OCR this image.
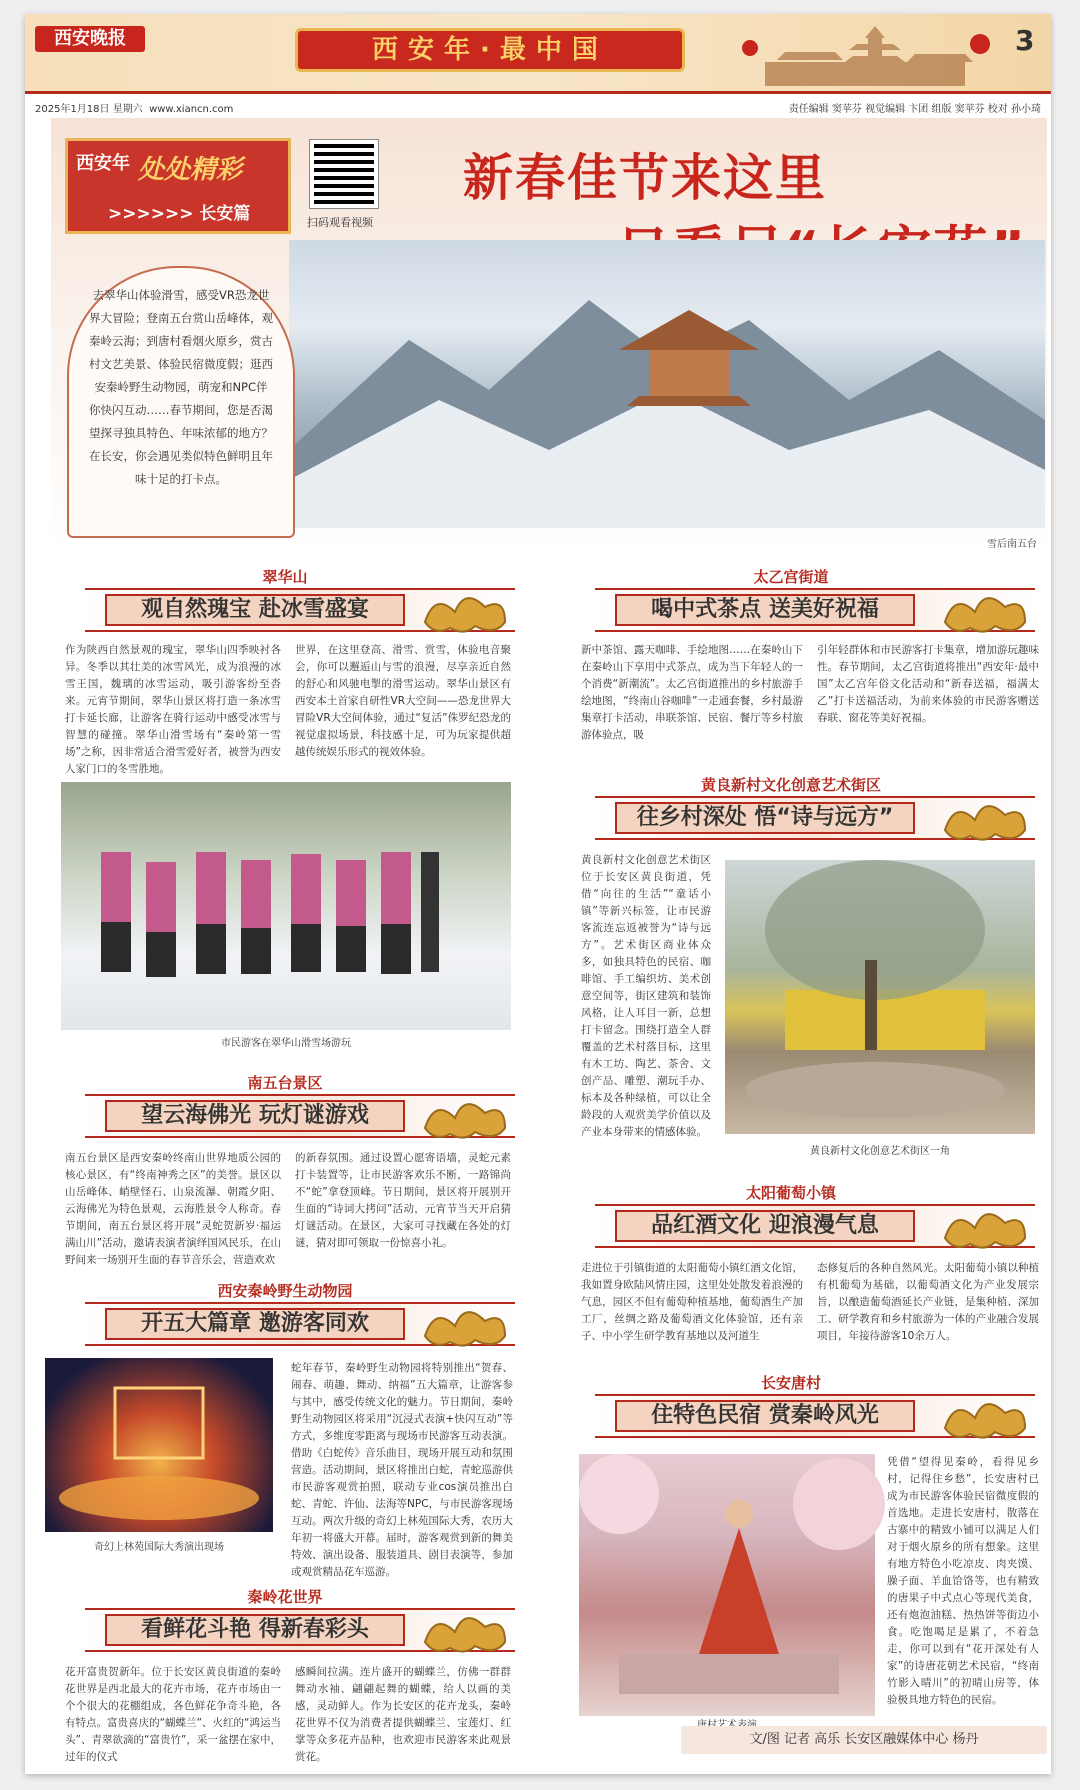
西安晚报	西安年·最中国	3
2025年1月18日 星期六 www.xiancn.com	责任编辑 窦苹芬 视觉编辑 卞团 组版 窦苹芬 校对 孙小琦
西安年 处处精彩
>>>>>> 长安篇	扫码观看视频
新春佳节来这里
雪后南五台
去翠华山体验滑雪，感受VR恐龙世界大冒险；登南五台赏山岳峰体，观秦岭云海；到唐村看烟火原乡，赏古村文艺美景、体验民宿微度假；逛西安秦岭野生动物园，萌宠和NPC伴你快闪互动……春节期间，您是否渴望探寻独具特色、年味浓郁的地方？在长安，你会遇见类似特色鲜明且年味十足的打卡点。
翠华山
观自然瑰宝 赴冰雪盛宴
作为陕西自然景观的瑰宝，翠华山四季映衬各异。冬季以其壮美的冰雪风光，成为浪漫的冰雪王国，魏璃的冰雪运动，吸引游客纷至沓来。元宵节期间，翠华山景区将打造一条冰雪打卡延长廊，让游客在骑行运动中感受冰雪与智慧的碰撞。翠华山滑雪场有“秦岭第一雪场”之称，因非常适合滑雪爱好者，被誉为西安人家门口的冬雪胜地。
世界，在这里登高、滑雪、赏雪，体验电音聚会，你可以邂逅山与雪的浪漫，尽享亲近自然的舒心和风驰电掣的滑雪运动。翠华山景区有西安本土首家自研性VR大空间——恐龙世界大冒险VR大空间体验，通过“复活”侏罗纪恐龙的视觉虚拟场景，科技感十足，可为玩家提供超越传统娱乐形式的视效体验。
市民游客在翠华山滑雪场游玩
南五台景区
望云海佛光 玩灯谜游戏
南五台景区是西安秦岭终南山世界地质公园的核心景区，有“终南神秀之区”的美誉。景区以山岳峰体、峭壁怪石、山泉流瀑、朝霞夕阳、云海佛光为特色景观，云海胜景令人称奇。春节期间，南五台景区将开展“灵蛇贺新岁·福运满山川”活动，邀请表演者演绎国风民乐，在山野间来一场别开生面的春节音乐会，营造欢欢
的新春氛围。通过设置心愿寄语墙，灵蛇元素打卡装置等，让市民游客欢乐不断，一路锦尚不“蛇”拿登顶峰。节日期间，景区将开展别开生面的“诗词大拷问”活动，元宵节当天开启猜灯谜活动。在景区，大家可寻找藏在各处的灯谜，猜对即可领取一份惊喜小礼。
西安秦岭野生动物园
开五大篇章 邀游客同欢
奇幻上林苑国际大秀演出现场
蛇年春节，秦岭野生动物园将特别推出“贺春、闹春、萌趣、舞动、纳福”五大篇章，让游客参与其中，感受传统文化的魅力。节日期间，秦岭野生动物园区将采用“沉浸式表演+快闪互动”等方式，多维度零距离与现场市民游客互动表演。借助《白蛇传》音乐曲目，现场开展互动和氛围营造。活动期间，景区将推出白蛇，青蛇巡游供市民游客观赏拍照，联动专业cos演员推出白蛇、青蛇、许仙、法海等NPC，与市民游客现场互动。两次升级的奇幻上林苑国际大秀，农历大年初一将盛大开幕。届时，游客观赏到新的舞美特效、演出设备、服装道具、剧目表演等，参加或观赏精品花车巡游。
秦岭花世界
看鲜花斗艳 得新春彩头
花开富贵贺新年。位于长安区黄良街道的秦岭花世界是西北最大的花卉市场，花卉市场由一个个很大的花棚组成，各色鲜花争奇斗艳，各有特点。富贵喜庆的“蝴蝶兰”、火红的“鸿运当头”、青翠欲滴的“富贵竹”，采一盆摆在家中，过年的仪式
感瞬间拉满。连片盛开的蝴蝶兰，仿佛一群群舞动水袖、翩翩起舞的蝴蝶，给人以画的美感，灵动鲜人。作为长安区的花卉龙头，秦岭花世界不仅为消费者提供蝴蝶兰、宝莲灯、红掌等众多花卉品种，也欢迎市民游客来此观景赏花。
太乙宫街道
喝中式茶点 送美好祝福
新中茶馆、露天咖啡、手绘地图……在秦岭山下在秦岭山下享用中式茶点，成为当下年轻人的一个消费“新潮流”。太乙宫街道推出的乡村旅游手绘地图，“终南山谷咖啡”一走通套餐，乡村最游集章打卡活动，串联茶馆、民宿、餐厅等乡村旅游体验点，吸
引年轻群体和市民游客打卡集章，增加游玩趣味性。春节期间，太乙宫街道将推出“西安年·最中国”太乙宫年俗文化活动和“新春送福，福满太乙”打卡送福活动，为前来体验的市民游客赠送春联、窗花等美好祝福。
黄良新村文化创意艺术街区
往乡村深处 悟“诗与远方”
黄良新村文化创意艺术街区位于长安区黄良街道，凭借“向往的生活”“童话小镇”等新兴标签，让市民游客流连忘返被誉为“诗与远方”。艺术街区商业体众多，如独具特色的民宿、咖啡馆、手工编织坊、美术创意空间等，街区建筑和装饰风格，让人耳目一新，总想打卡留念。围绕打造全人群覆盖的艺术村落目标，这里有木工坊、陶艺、茶舍、文创产品、雕塑、潮玩手办、标本及各种绿植，可以让全龄段的人观赏美学价值以及产业本身带来的情感体验。
黄良新村文化创意艺术街区一角
太阳葡萄小镇
品红酒文化 迎浪漫气息
走进位于引镇街道的太阳葡萄小镇红酒文化馆，我如置身欧陆风情庄园，这里处处散发着浪漫的气息，园区不但有葡萄种植基地，葡萄酒生产加工厂，丝绸之路及葡萄酒文化体验馆，还有亲子、中小学生研学教育基地以及河道生
态修复后的各种自然风光。太阳葡萄小镇以种植有机葡萄为基础，以葡萄酒文化为产业发展宗旨，以酿造葡萄酒延长产业链，是集种植、深加工、研学教育和乡村旅游为一体的产业融合发展项目，年接待游客10余万人。
长安唐村
住特色民宿 赏秦岭风光
凭借“望得见秦岭，看得见乡村，记得住乡愁”，长安唐村已成为市民游客体验民宿微度假的首选地。走进长安唐村，散落在古寨中的精致小铺可以满足人们对于烟火原乡的所有想象。这里有地方特色小吃凉皮、肉夹馍、臊子面、羊血饸饹等，也有精致的唐果子中式点心等现代美食，还有炮泡油糕、热热饼等街边小食。吃饱喝足是累了，不着急走，你可以到有“花开深处有人家”的诗唐花朝艺术民宿，“终南竹影入晴川”的初晴山房等，体验极具地方特色的民宿。
文/图 记者 高乐 长安区融媒体中心 杨丹
